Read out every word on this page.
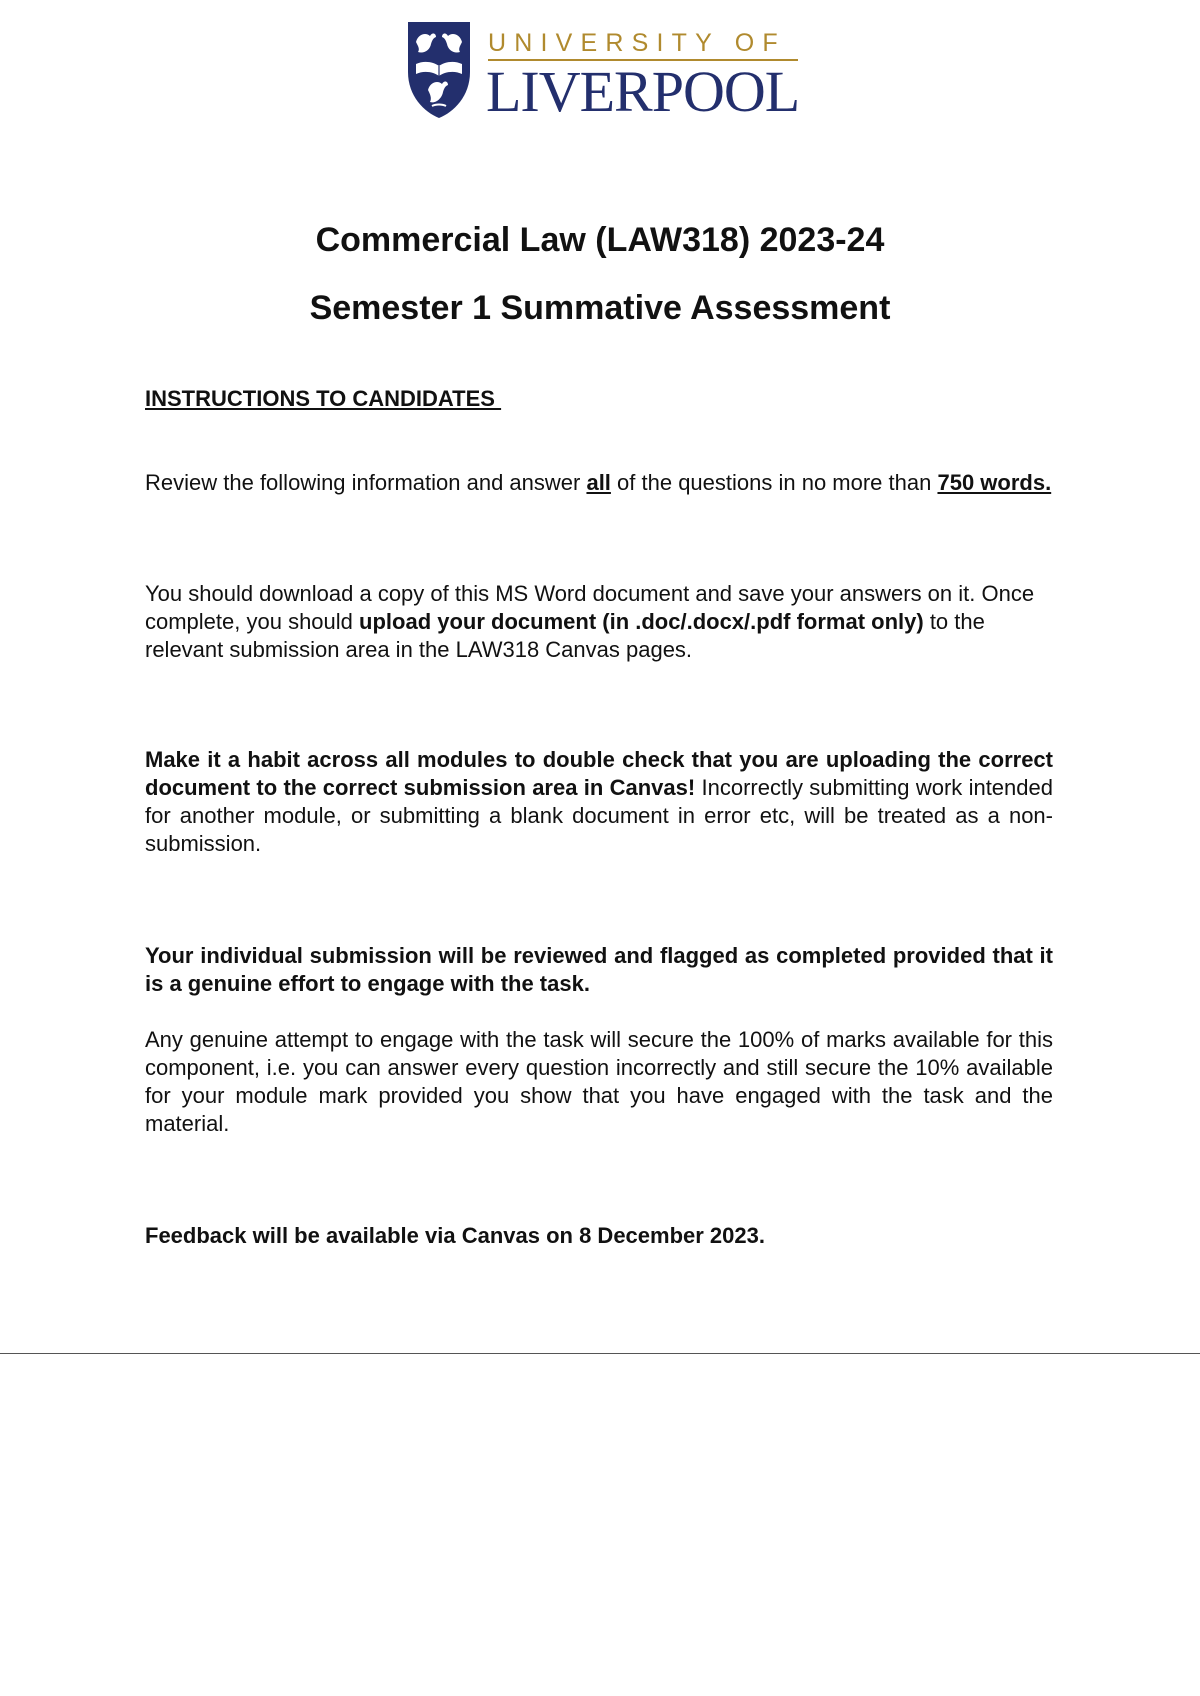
UNIVERSITY OF
LIVERPOOL
Commercial Law (LAW318) 2023-24
Semester 1 Summative Assessment
INSTRUCTIONS TO CANDIDATES

Review the following information and answer all of the questions in no more than 750 words.

You should download a copy of this MS Word document and save your answers on it. Once complete, you should upload your document (in .doc/.docx/.pdf format only) to the relevant submission area in the LAW318 Canvas pages.

Make it a habit across all modules to double check that you are uploading the correct document to the correct submission area in Canvas! Incorrectly submitting work intended for another module, or submitting a blank document in error etc, will be treated as a non-submission.

Your individual submission will be reviewed and flagged as completed provided that it is a genuine effort to engage with the task.

Any genuine attempt to engage with the task will secure the 100% of marks available for this component, i.e. you can answer every question incorrectly and still secure the 10% available for your module mark provided you show that you have engaged with the task and the material.

Feedback will be available via Canvas on 8 December 2023.
